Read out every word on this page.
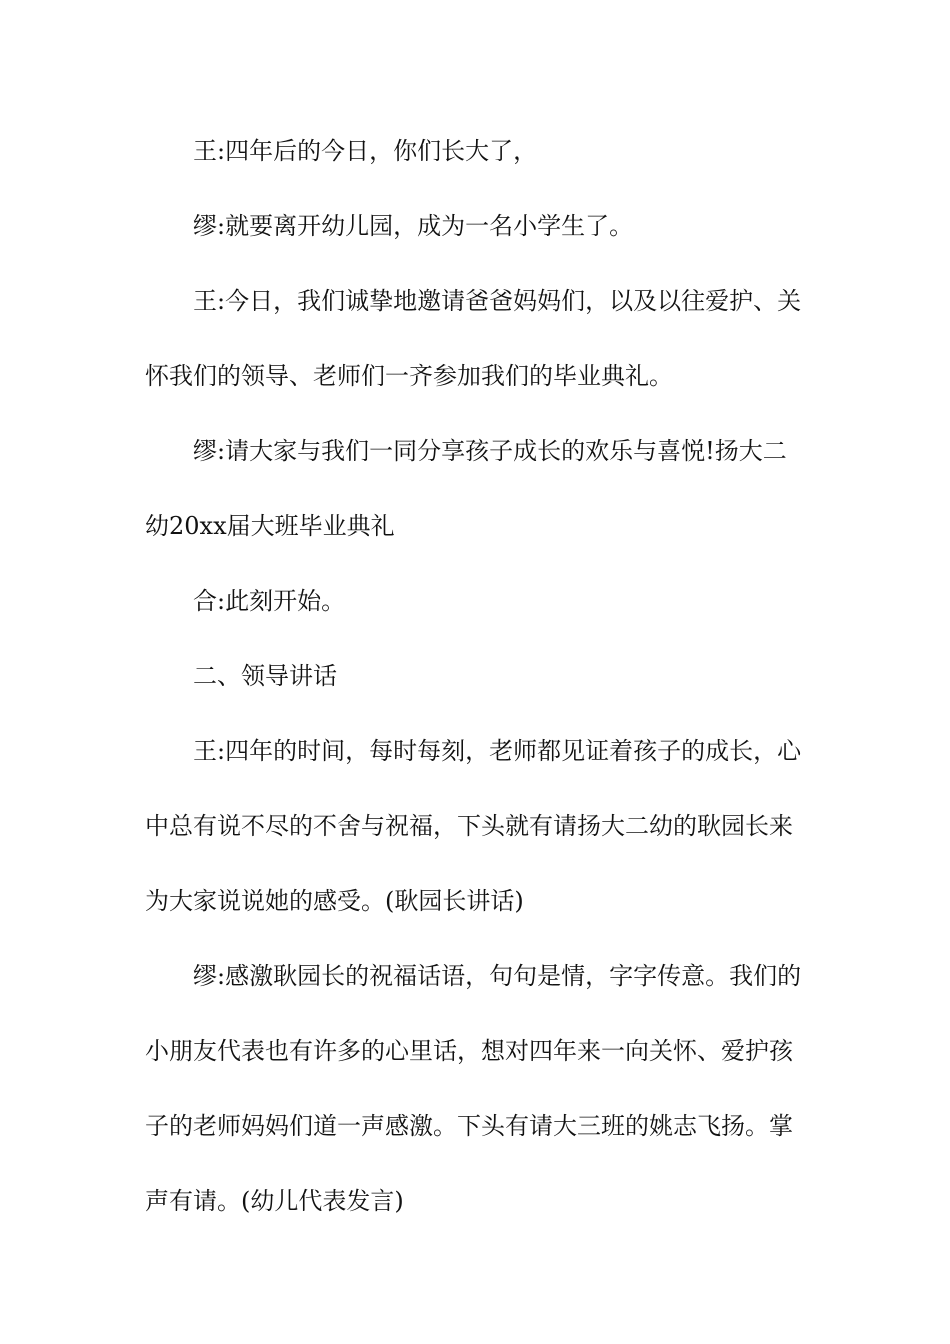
王:四年后的今日，你们长大了，
缪:就要离开幼儿园，成为一名小学生了。
王:今日，我们诚挚地邀请爸爸妈妈们，以及以往爱护、关
怀我们的领导、老师们一齐参加我们的毕业典礼。
缪:请大家与我们一同分享孩子成长的欢乐与喜悦!扬大二
幼20xx届大班毕业典礼
合:此刻开始。
二、领导讲话
王:四年的时间，每时每刻，老师都见证着孩子的成长，心
中总有说不尽的不舍与祝福，下头就有请扬大二幼的耿园长来
为大家说说她的感受。(耿园长讲话)
缪:感激耿园长的祝福话语，句句是情，字字传意。我们的
小朋友代表也有许多的心里话，想对四年来一向关怀、爱护孩
子的老师妈妈们道一声感激。下头有请大三班的姚志飞扬。掌
声有请。(幼儿代表发言)
